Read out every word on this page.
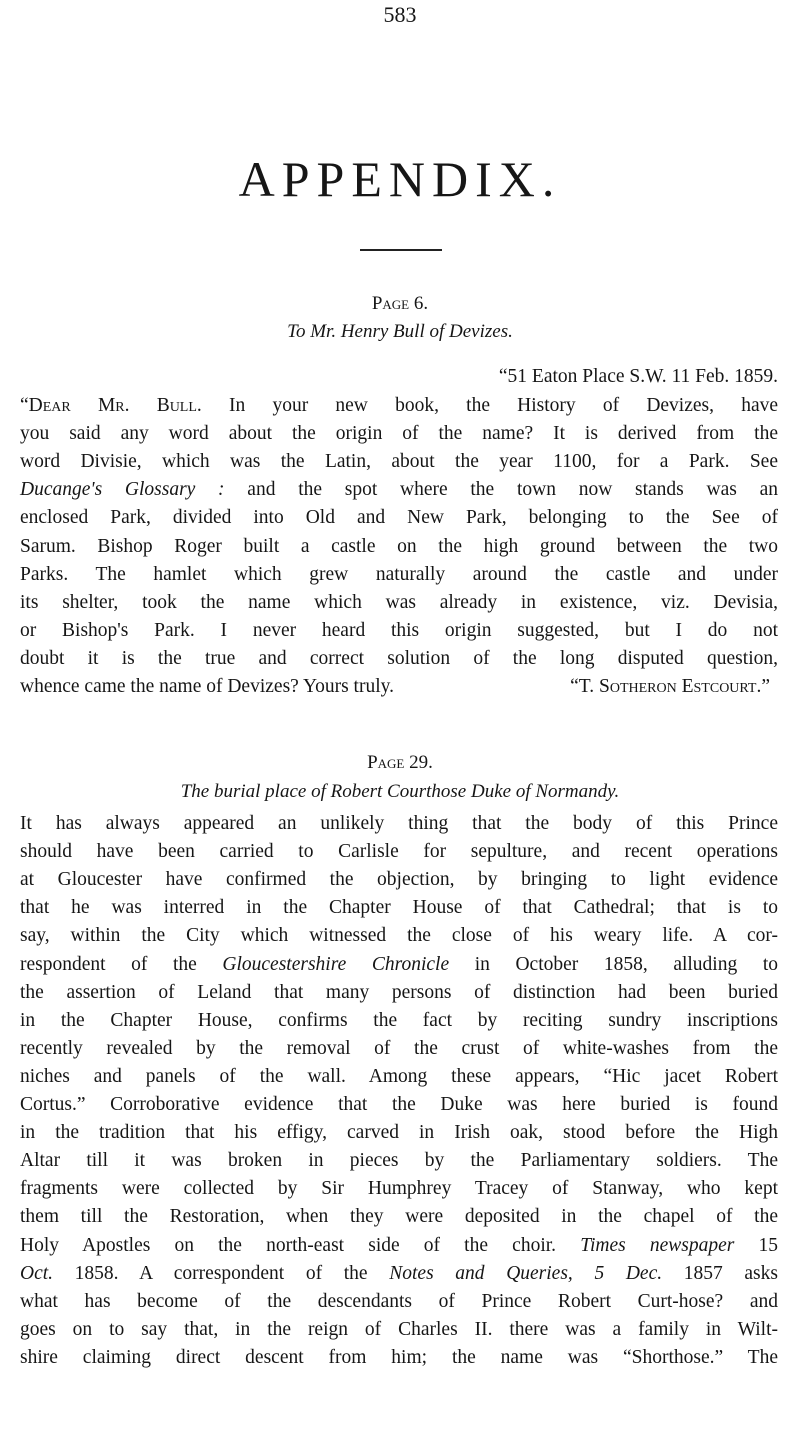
583
APPENDIX.
Page 6.
To Mr. Henry Bull of Devizes.
“51 Eaton Place S.W. 11 Feb. 1859.
“Dear Mr. Bull. In your new book, the History of Devizes, have
you said any word about the origin of the name? It is derived from the
word Divisie, which was the Latin, about the year 1100, for a Park. See
Ducange's Glossary : and the spot where the town now stands was an
enclosed Park, divided into Old and New Park, belonging to the See of
Sarum. Bishop Roger built a castle on the high ground between the two
Parks. The hamlet which grew naturally around the castle and under
its shelter, took the name which was already in existence, viz. Devisia,
or Bishop's Park. I never heard this origin suggested, but I do not
doubt it is the true and correct solution of the long disputed question,
whence came the name of Devizes? Yours truly.	“T. Sotheron Estcourt.”
Page 29.
The burial place of Robert Courthose Duke of Normandy.
It has always appeared an unlikely thing that the body of this Prince
should have been carried to Carlisle for sepulture, and recent operations
at Gloucester have confirmed the objection, by bringing to light evidence
that he was interred in the Chapter House of that Cathedral; that is to
say, within the City which witnessed the close of his weary life. A cor-
respondent of the Gloucestershire Chronicle in October 1858, alluding to
the assertion of Leland that many persons of distinction had been buried
in the Chapter House, confirms the fact by reciting sundry inscriptions
recently revealed by the removal of the crust of white-washes from the
niches and panels of the wall. Among these appears, “Hic jacet Robert
Cortus.” Corroborative evidence that the Duke was here buried is found
in the tradition that his effigy, carved in Irish oak, stood before the High
Altar till it was broken in pieces by the Parliamentary soldiers. The
fragments were collected by Sir Humphrey Tracey of Stanway, who kept
them till the Restoration, when they were deposited in the chapel of the
Holy Apostles on the north-east side of the choir. Times newspaper 15
Oct. 1858. A correspondent of the Notes and Queries, 5 Dec. 1857 asks
what has become of the descendants of Prince Robert Curt-hose? and
goes on to say that, in the reign of Charles II. there was a family in Wilt-
shire claiming direct descent from him; the name was “Shorthose.” The
